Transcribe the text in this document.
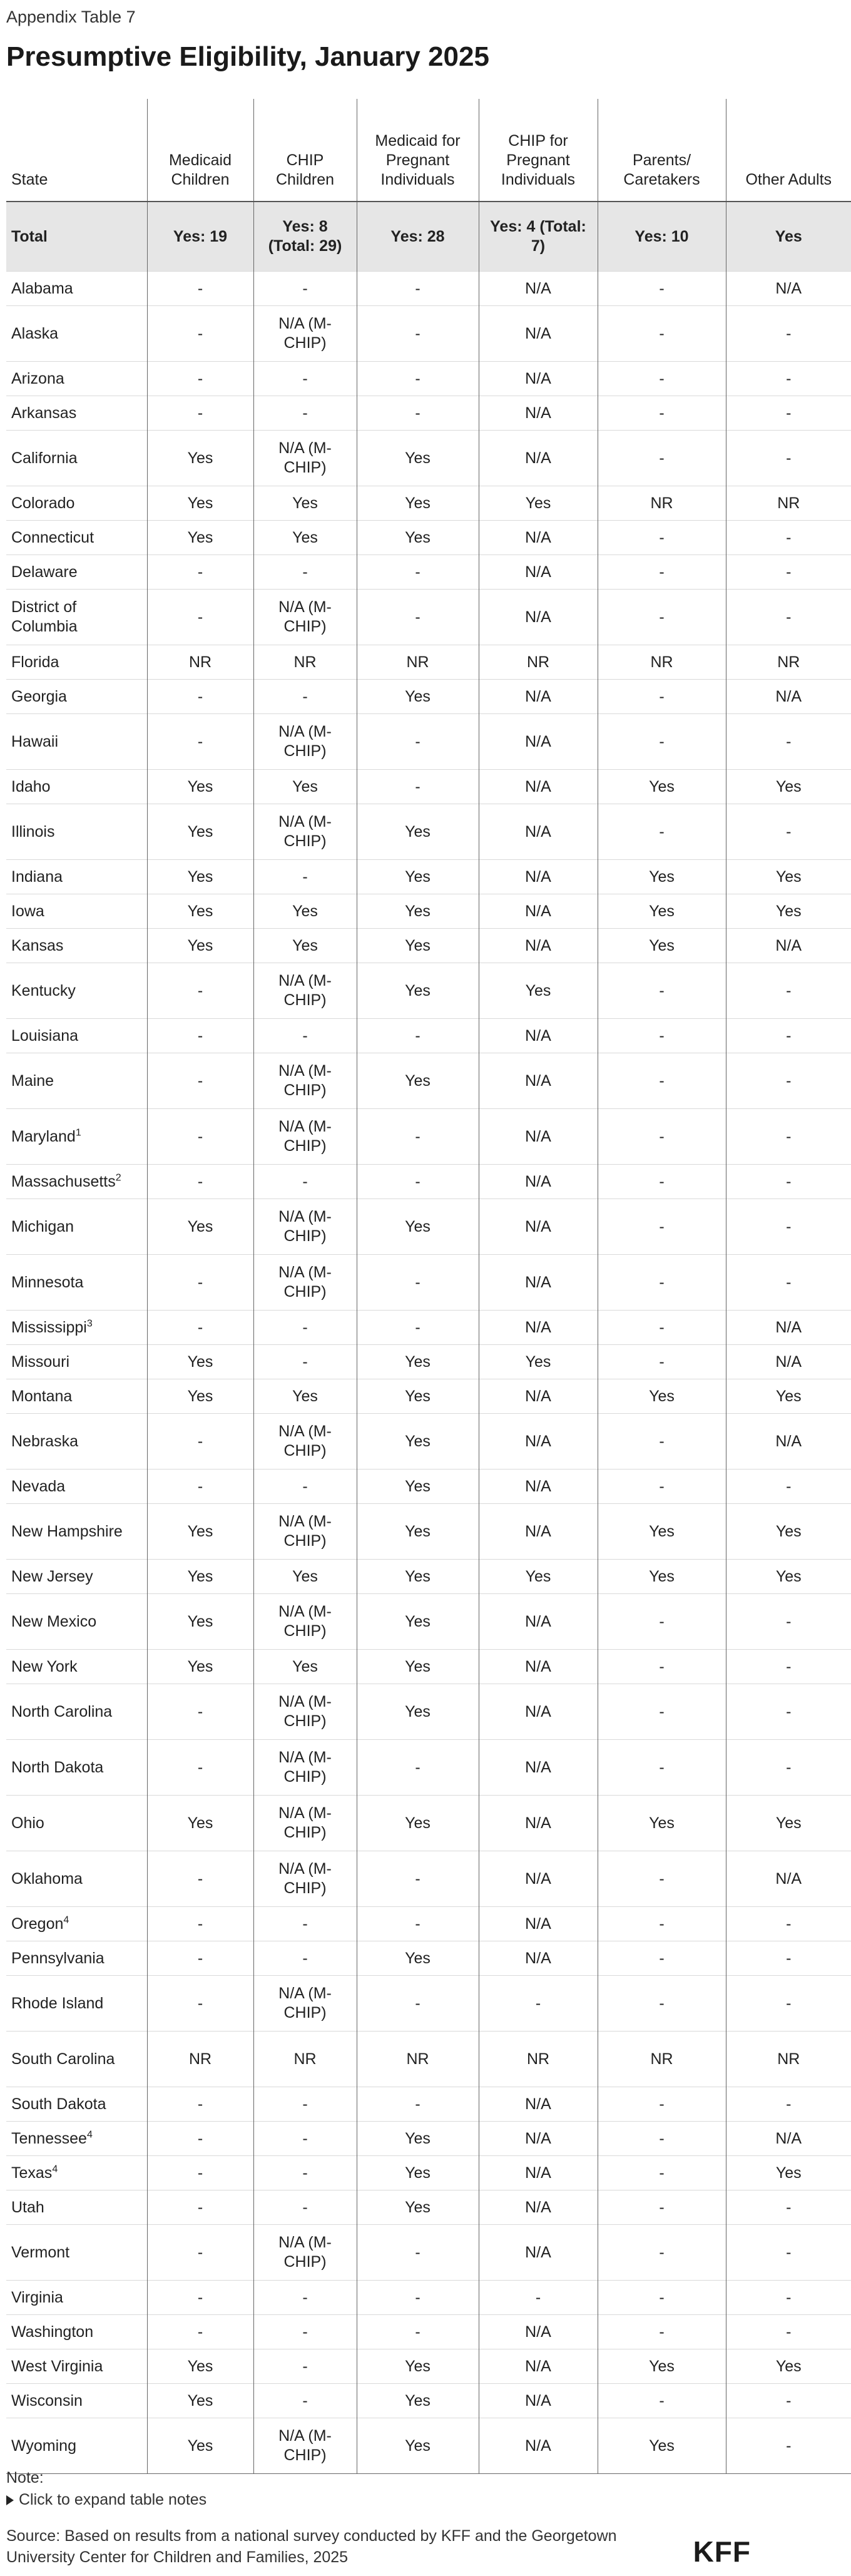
Appendix Table 7
Presumptive Eligibility, January 2025
State	Medicaid Children	CHIP Children	Medicaid for Pregnant Individuals	CHIP for Pregnant Individuals	Parents/ Caretakers	Other Adults
Total	Yes: 19	Yes: 8 (Total: 29)	Yes: 28	Yes: 4 (Total: 7)	Yes: 10	Yes
Alabama	-	-	-	N/A	-	N/A
Alaska	-	N/A (M-CHIP)	-	N/A	-	-
Arizona	-	-	-	N/A	-	-
Arkansas	-	-	-	N/A	-	-
California	Yes	N/A (M-CHIP)	Yes	N/A	-	-
Colorado	Yes	Yes	Yes	Yes	NR	NR
Connecticut	Yes	Yes	Yes	N/A	-	-
Delaware	-	-	-	N/A	-	-
District of Columbia	-	N/A (M-CHIP)	-	N/A	-	-
Florida	NR	NR	NR	NR	NR	NR
Georgia	-	-	Yes	N/A	-	N/A
Hawaii	-	N/A (M-CHIP)	-	N/A	-	-
Idaho	Yes	Yes	-	N/A	Yes	Yes
Illinois	Yes	N/A (M-CHIP)	Yes	N/A	-	-
Indiana	Yes	-	Yes	N/A	Yes	Yes
Iowa	Yes	Yes	Yes	N/A	Yes	Yes
Kansas	Yes	Yes	Yes	N/A	Yes	N/A
Kentucky	-	N/A (M-CHIP)	Yes	Yes	-	-
Louisiana	-	-	-	N/A	-	-
Maine	-	N/A (M-CHIP)	Yes	N/A	-	-
Maryland$^1$	-	N/A (M-CHIP)	-	N/A	-	-
Massachusetts$^2$	-	-	-	N/A	-	-
Michigan	Yes	N/A (M-CHIP)	Yes	N/A	-	-
Minnesota	-	N/A (M-CHIP)	-	N/A	-	-
Mississippi$^3$	-	-	-	N/A	-	N/A
Missouri	Yes	-	Yes	Yes	-	N/A
Montana	Yes	Yes	Yes	N/A	Yes	Yes
Nebraska	-	N/A (M-CHIP)	Yes	N/A	-	N/A
Nevada	-	-	Yes	N/A	-	-
New Hampshire	Yes	N/A (M-CHIP)	Yes	N/A	Yes	Yes
New Jersey	Yes	Yes	Yes	Yes	Yes	Yes
New Mexico	Yes	N/A (M-CHIP)	Yes	N/A	-	-
New York	Yes	Yes	Yes	N/A	-	-
North Carolina	-	N/A (M-CHIP)	Yes	N/A	-	-
North Dakota	-	N/A (M-CHIP)	-	N/A	-	-
Ohio	Yes	N/A (M-CHIP)	Yes	N/A	Yes	Yes
Oklahoma	-	N/A (M-CHIP)	-	N/A	-	N/A
Oregon$^4$	-	-	-	N/A	-	-
Pennsylvania	-	-	Yes	N/A	-	-
Rhode Island	-	N/A (M-CHIP)	-	-	-	-
South Carolina	NR	NR	NR	NR	NR	NR
South Dakota	-	-	-	N/A	-	-
Tennessee$^4$	-	-	Yes	N/A	-	N/A
Texas$^4$	-	-	Yes	N/A	-	Yes
Utah	-	-	Yes	N/A	-	-
Vermont	-	N/A (M-CHIP)	-	N/A	-	-
Virginia	-	-	-	-	-	-
Washington	-	-	-	N/A	-	-
West Virginia	Yes	-	Yes	N/A	Yes	Yes
Wisconsin	Yes	-	Yes	N/A	-	-
Wyoming	Yes	N/A (M-CHIP)	Yes	N/A	Yes	-
Note:
Click to expand table notes
Source: Based on results from a national survey conducted by KFF and the Georgetown University Center for Children and Families, 2025	KFF
